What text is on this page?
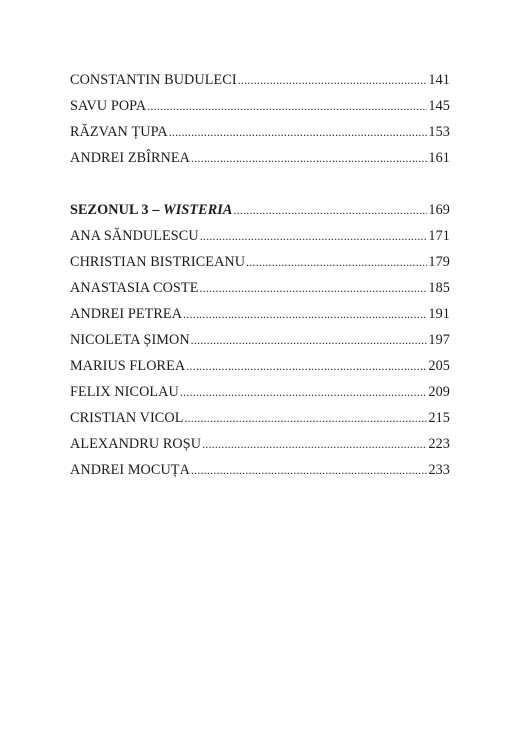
CONSTANTIN BUDULECI .....	141
SAVU POPA .....	145
RĂZVAN ȚUPA .....	153
ANDREI ZBÎRNEA .....	161
SEZONUL 3 – WISTERIA .....	169
ANA SĂNDULESCU .....	171
CHRISTIAN BISTRICEANU .....	179
ANASTASIA COSTE .....	185
ANDREI PETREA .....	191
NICOLETA ȘIMON .....	197
MARIUS FLOREA .....	205
FELIX NICOLAU .....	209
CRISTIAN VICOL .....	215
ALEXANDRU ROȘU .....	223
ANDREI MOCUȚA .....	233
